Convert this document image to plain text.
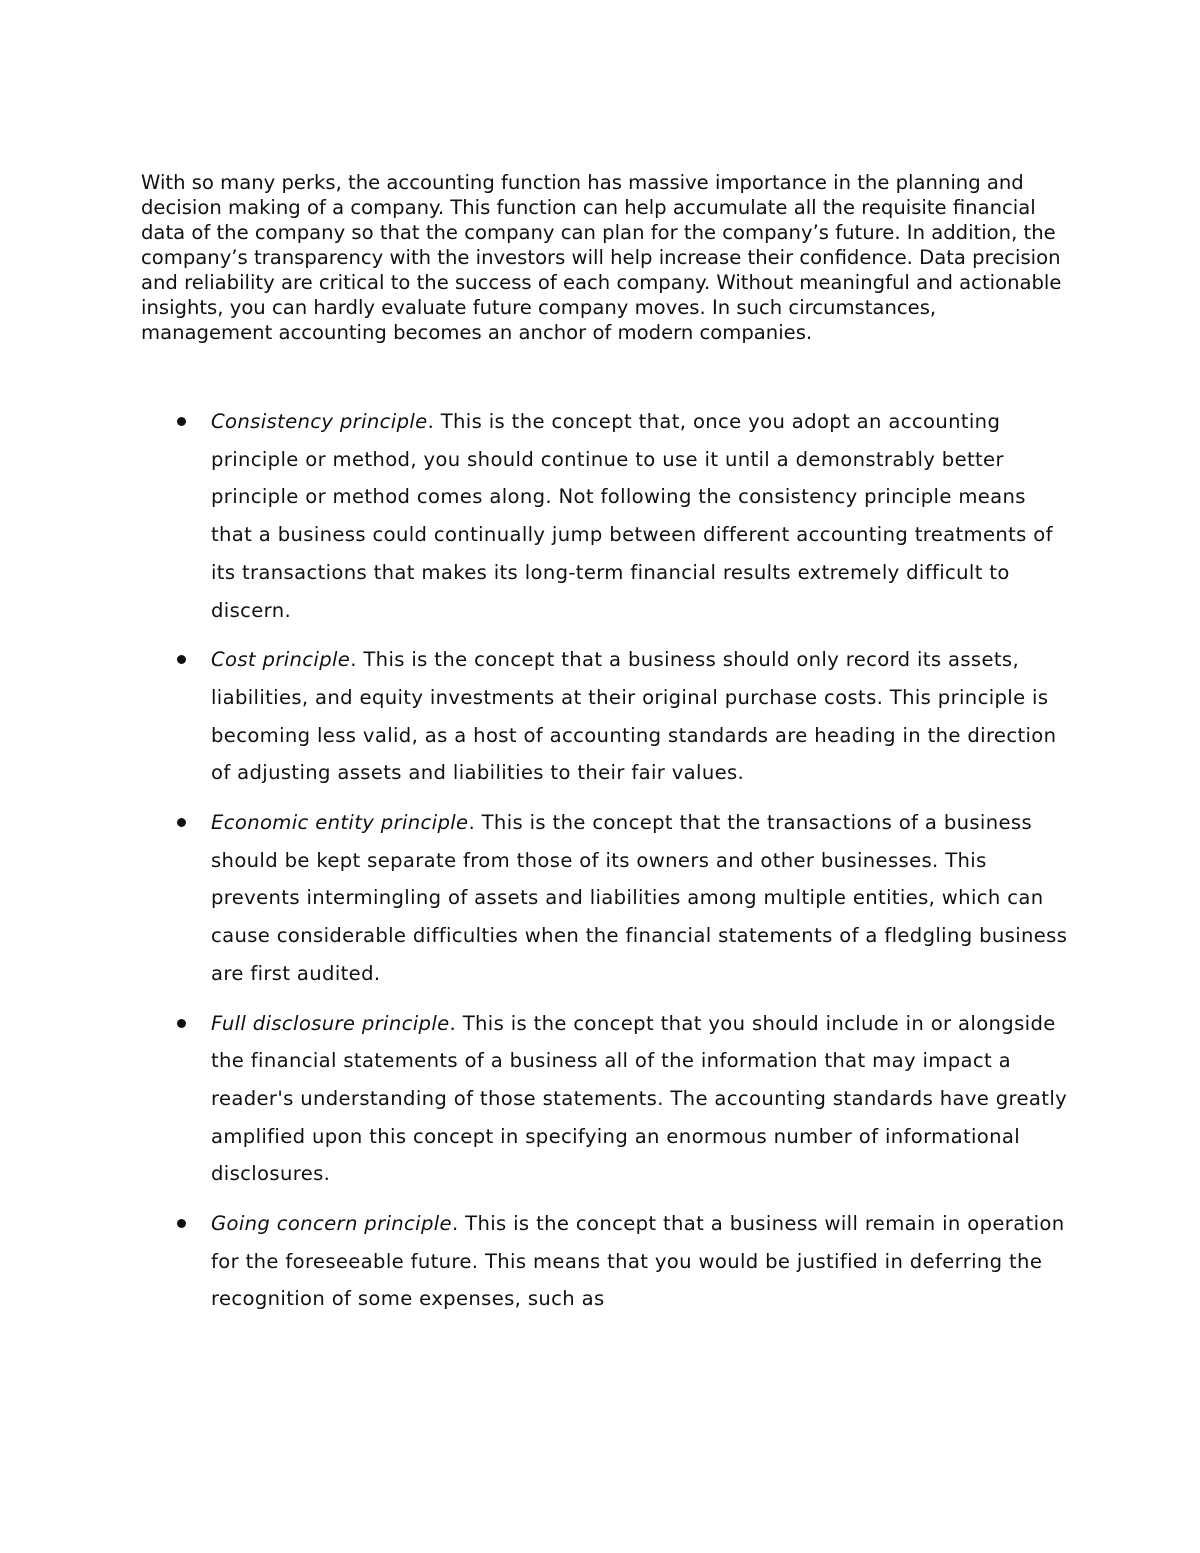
With so many perks, the accounting function has massive importance in the planning and decision making of a company. This function can help accumulate all the requisite financial data of the company so that the company can plan for the company’s future. In addition, the company’s transparency with the investors will help increase their confidence. Data precision and reliability are critical to the success of each company. Without meaningful and actionable insights, you can hardly evaluate future company moves. In such circumstances, management accounting becomes an anchor of modern companies.

Consistency principle. This is the concept that, once you adopt an accounting principle or method, you should continue to use it until a demonstrably better principle or method comes along. Not following the consistency principle means that a business could continually jump between different accounting treatments of its transactions that makes its long-term financial results extremely difficult to discern.
Cost principle. This is the concept that a business should only record its assets, liabilities, and equity investments at their original purchase costs. This principle is becoming less valid, as a host of accounting standards are heading in the direction of adjusting assets and liabilities to their fair values.
Economic entity principle. This is the concept that the transactions of a business should be kept separate from those of its owners and other businesses. This prevents intermingling of assets and liabilities among multiple entities, which can cause considerable difficulties when the financial statements of a fledgling business are first audited.
Full disclosure principle. This is the concept that you should include in or alongside the financial statements of a business all of the information that may impact a reader's understanding of those statements. The accounting standards have greatly amplified upon this concept in specifying an enormous number of informational disclosures.
Going concern principle. This is the concept that a business will remain in operation for the foreseeable future. This means that you would be justified in deferring the recognition of some expenses, such as
